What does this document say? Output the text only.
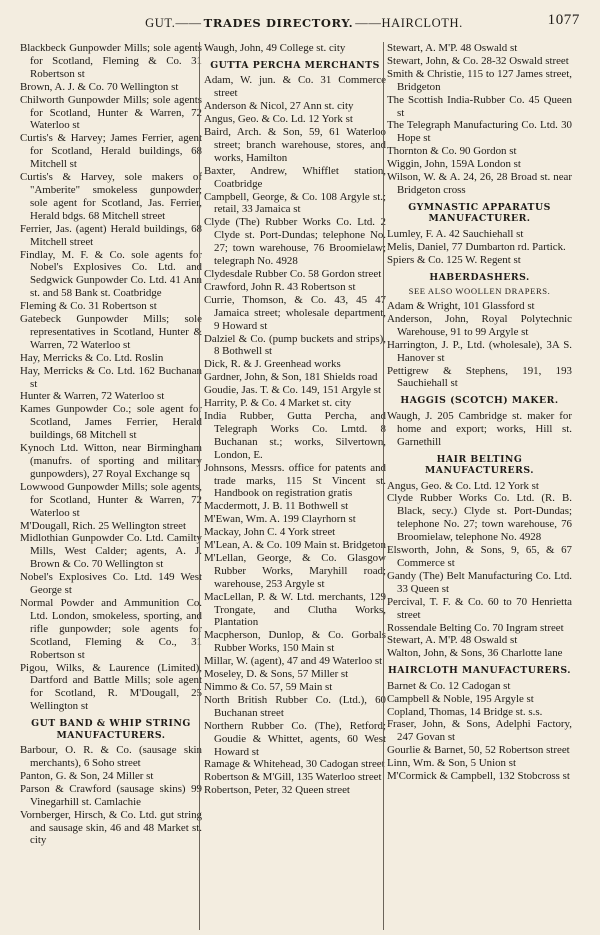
GUT. —— TRADES DIRECTORY. —— HAIRCLOTH.	1077
Blackbeck Gunpowder Mills; sole agents for Scotland, Fleming & Co. 31 Robertson st
Brown, A. J. & Co. 70 Wellington st
Chilworth Gunpowder Mills; sole agents for Scotland, Hunter & Warren, 72 Waterloo st
Curtis's & Harvey; James Ferrier, agent for Scotland, Herald buildings, 68 Mitchell st
Curtis's & Harvey, sole makers of "Amberite" smokeless gunpowder; sole agent for Scotland, Jas. Ferrier, Herald bdgs. 68 Mitchell street
Ferrier, Jas. (agent) Herald buildings, 68 Mitchell street
Findlay, M. F. & Co. sole agents for Nobel's Explosives Co. Ltd. and Sedgwick Gunpowder Co. Ltd. 41 Ann st. and 58 Bank st. Coatbridge
Fleming & Co. 31 Robertson st
Gatebeck Gunpowder Mills; sole representatives in Scotland, Hunter & Warren, 72 Waterloo st
Hay, Merricks & Co. Ltd. Roslin
Hay, Merricks & Co. Ltd. 162 Buchanan st
Hunter & Warren, 72 Waterloo st
Kames Gunpowder Co.; sole agent for Scotland, James Ferrier, Herald buildings, 68 Mitchell st
Kynoch Ltd. Witton, near Birmingham (manufrs. of sporting and military gunpowders), 27 Royal Exchange sq
Lowwood Gunpowder Mills; sole agents, for Scotland, Hunter & Warren, 72 Waterloo st
M'Dougall, Rich. 25 Wellington street
Midlothian Gunpowder Co. Ltd. Camilty Mills, West Calder; agents, A. J. Brown & Co. 70 Wellington st
Nobel's Explosives Co. Ltd. 149 West George st
Normal Powder and Ammunition Co. Ltd. London, smokeless, sporting, and rifle gunpowder; sole agents for Scotland, Fleming & Co., 31 Robertson st
Pigou, Wilks, & Laurence (Limited), Dartford and Battle Mills; sole agent for Scotland, R. M'Dougall, 25 Wellington st
GUT BAND & WHIP STRING MANUFACTURERS.
Barbour, O. R. & Co. (sausage skin merchants), 6 Soho street
Panton, G. & Son, 24 Miller st
Parson & Crawford (sausage skins) 99 Vinegarhill st. Camlachie
Vornberger, Hirsch, & Co. Ltd. gut string and sausage skin, 46 and 48 Market st. city
Waugh, John, 49 College st. city
GUTTA PERCHA MERCHANTS
Adam, W. jun. & Co. 31 Commerce street
Anderson & Nicol, 27 Ann st. city
Angus, Geo. & Co. Ld. 12 York st
Baird, Arch. & Son, 59, 61 Waterloo street; branch warehouse, stores, and works, Hamilton
Baxter, Andrew, Whifflet station, Coatbridge
Campbell, George, & Co. 108 Argyle st.; retail, 33 Jamaica st
Clyde (The) Rubber Works Co. Ltd. 2 Clyde st. Port-Dundas; telephone No. 27; town warehouse, 76 Broomielaw; telegraph No. 4928
Clydesdale Rubber Co. 58 Gordon street
Crawford, John R. 43 Robertson st
Currie, Thomson, & Co. 43, 45 47 Jamaica street; wholesale department, 9 Howard st
Dalziel & Co. (pump buckets and strips), 8 Bothwell st
Dick, R. & J. Greenhead works
Gardner, John, & Son, 181 Shields road
Goudie, Jas. T. & Co. 149, 151 Argyle st
Harrity, P. & Co. 4 Market st. city
India Rubber, Gutta Percha, and Telegraph Works Co. Lmtd. 8 Buchanan st.; works, Silvertown, London, E.
Johnsons, Messrs. office for patents and trade marks, 115 St Vincent st. Handbook on registration gratis
Macdermott, J. B. 11 Bothwell st
M'Ewan, Wm. A. 199 Clayrhorn st
Mackay, John C. 4 York street
M'Lean, A. & Co. 109 Main st. Bridgeton
M'Lellan, George, & Co. Glasgow Rubber Works, Maryhill road; warehouse, 253 Argyle st
MacLellan, P. & W. Ltd. merchants, 129 Trongate, and Clutha Works, Plantation
Macpherson, Dunlop, & Co. Gorbals Rubber Works, 150 Main st
Millar, W. (agent), 47 and 49 Waterloo st
Moseley, D. & Sons, 57 Miller st
Nimmo & Co. 57, 59 Main st
North British Rubber Co. (Ltd.), 60 Buchanan street
Northern Rubber Co. (The), Retford; Goudie & Whittet, agents, 60 West Howard st
Ramage & Whitehead, 30 Cadogan street
Robertson & M'Gill, 135 Waterloo street
Robertson, Peter, 32 Queen street
Stewart, A. M'P. 48 Oswald st
Stewart, John, & Co. 28-32 Oswald street
Smith & Christie, 115 to 127 James street, Bridgeton
The Scottish India-Rubber Co. 45 Queen st
The Telegraph Manufacturing Co. Ltd. 30 Hope st
Thornton & Co. 90 Gordon st
Wiggin, John, 159A London st
Wilson, W. & A. 24, 26, 28 Broad st. near Bridgeton cross
GYMNASTIC APPARATUS MANUFACTURER.
Lumley, F. A. 42 Sauchiehall st
Melis, Daniel, 77 Dumbarton rd. Partick.
Spiers & Co. 125 W. Regent st
HABERDASHERS.
SEE ALSO WOOLLEN DRAPERS.
Adam & Wright, 101 Glassford st
Anderson, John, Royal Polytechnic Warehouse, 91 to 99 Argyle st
Harrington, J. P., Ltd. (wholesale), 3A S. Hanover st
Pettigrew & Stephens, 191, 193 Sauchiehall st
HAGGIS (SCOTCH) MAKER.
Waugh, J. 205 Cambridge st. maker for home and export; works, Hill st. Garnethill
HAIR BELTING MANUFACTURERS.
Angus, Geo. & Co. Ltd. 12 York st
Clyde Rubber Works Co. Ltd. (R. B. Black, secy.) Clyde st. Port-Dundas; telephone No. 27; town warehouse, 76 Broomielaw, telephone No. 4928
Elsworth, John, & Sons, 9, 65, & 67 Commerce st
Gandy (The) Belt Manufacturing Co. Ltd. 33 Queen st
Percival, T. F. & Co. 60 to 70 Henrietta street
Rossendale Belting Co. 70 Ingram street
Stewart, A. M'P. 48 Oswald st
Walton, John, & Sons, 36 Charlotte lane
HAIRCLOTH MANUFACTURERS.
Barnet & Co. 12 Cadogan st
Campbell & Noble, 195 Argyle st
Copland, Thomas, 14 Bridge st. s.s.
Fraser, John, & Sons, Adelphi Factory, 247 Govan st
Gourlie & Barnet, 50, 52 Robertson street
Linn, Wm. & Son, 5 Union st
M'Cormick & Campbell, 132 Stobcross st
